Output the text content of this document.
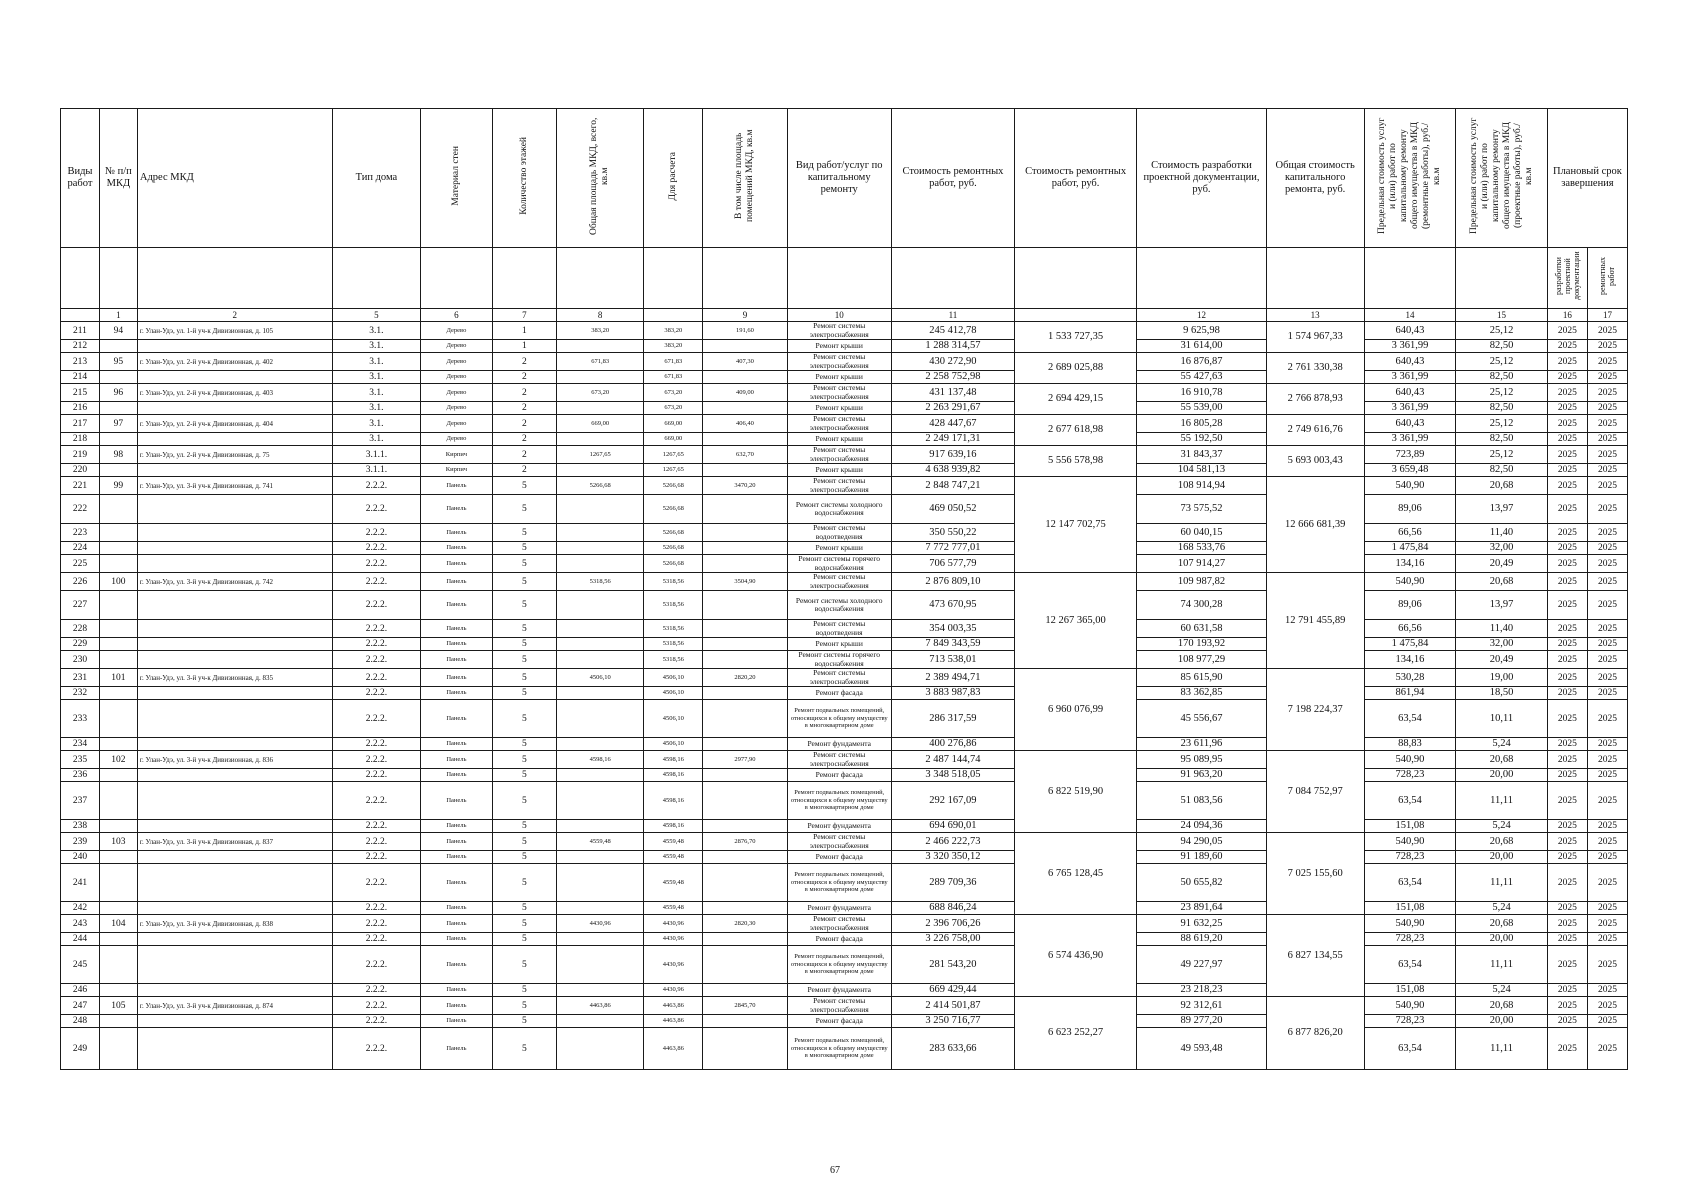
Виды работ	№ п/п МКД	Адрес МКД	Тип дома	Материал стен	Количество этажей	Общая площадь МКД, всего, кв.м	Для расчета	В том числе площадь помещений МКД, кв.м	Вид работ/услуг по капитальному ремонту	Стоимость ремонтных работ, руб.	Стоимость ремонтных работ, руб.	Стоимость разработки проектной документации, руб.	Общая стоимость капитального ремонта, руб.	Предельная стоимость услуг и (или) работ по капитальному ремонту общего имущества в МКД (ремонтные работы), руб./кв.м	Предельная стоимость услуг и (или) работ по капитальному ремонту общего имущества в МКД (проектные работы), руб./кв.м	Плановый срок завершения	
																разработки проектной документации	ремонтных работ
	1	2	5	6	7	8		9	10	11		12	13	14	15	16	17
211	94	г. Улан-Удэ, ул. 1-й уч-к Дивизионная, д. 105	3.1.	Дерево	1	383,20	383,20	191,60	Ремонт системы электроснабжения	245 412,78	1 533 727,35	9 625,98	1 574 967,33	640,43	25,12	2025	2025
212			3.1.	Дерево	1		383,20		Ремонт крыши	1 288 314,57		31 614,00		3 361,99	82,50	2025	2025
213	95	г. Улан-Удэ, ул. 2-й уч-к Дивизионная, д. 402	3.1.	Дерево	2	671,83	671,83	407,30	Ремонт системы электроснабжения	430 272,90	2 689 025,88	16 876,87	2 761 330,38	640,43	25,12	2025	2025
214			3.1.	Дерево	2		671,83		Ремонт крыши	2 258 752,98		55 427,63		3 361,99	82,50	2025	2025
215	96	г. Улан-Удэ, ул. 2-й уч-к Дивизионная, д. 403	3.1.	Дерево	2	673,20	673,20	409,00	Ремонт системы электроснабжения	431 137,48	2 694 429,15	16 910,78	2 766 878,93	640,43	25,12	2025	2025
216			3.1.	Дерево	2		673,20		Ремонт крыши	2 263 291,67		55 539,00		3 361,99	82,50	2025	2025
217	97	г. Улан-Удэ, ул. 2-й уч-к Дивизионная, д. 404	3.1.	Дерево	2	669,00	669,00	406,40	Ремонт системы электроснабжения	428 447,67	2 677 618,98	16 805,28	2 749 616,76	640,43	25,12	2025	2025
218			3.1.	Дерево	2		669,00		Ремонт крыши	2 249 171,31		55 192,50		3 361,99	82,50	2025	2025
219	98	г. Улан-Удэ, ул. 2-й уч-к Дивизионная, д. 75	3.1.1.	Кирпич	2	1267,65	1267,65	632,70	Ремонт системы электроснабжения	917 639,16	5 556 578,98	31 843,37	5 693 003,43	723,89	25,12	2025	2025
220			3.1.1.	Кирпич	2		1267,65		Ремонт крыши	4 638 939,82		104 581,13		3 659,48	82,50	2025	2025
221	99	г. Улан-Удэ, ул. 3-й уч-к Дивизионная, д. 741	2.2.2.	Панель	5	5266,68	5266,68	3470,20	Ремонт системы электроснабжения	2 848 747,21	12 147 702,75	108 914,94	12 666 681,39	540,90	20,68	2025	2025
222			2.2.2.	Панель	5		5266,68		Ремонт системы холодного водоснабжения	469 050,52		73 575,52		89,06	13,97	2025	2025
223			2.2.2.	Панель	5		5266,68		Ремонт системы водоотведения	350 550,22		60 040,15		66,56	11,40	2025	2025
224			2.2.2.	Панель	5		5266,68		Ремонт крыши	7 772 777,01		168 533,76		1 475,84	32,00	2025	2025
225			2.2.2.	Панель	5		5266,68		Ремонт системы горячего водоснабжения	706 577,79		107 914,27		134,16	20,49	2025	2025
226	100	г. Улан-Удэ, ул. 3-й уч-к Дивизионная, д. 742	2.2.2.	Панель	5	5318,56	5318,56	3504,90	Ремонт системы электроснабжения	2 876 809,10	12 267 365,00	109 987,82	12 791 455,89	540,90	20,68	2025	2025
227			2.2.2.	Панель	5		5318,56		Ремонт системы холодного водоснабжения	473 670,95		74 300,28		89,06	13,97	2025	2025
228			2.2.2.	Панель	5		5318,56		Ремонт системы водоотведения	354 003,35		60 631,58		66,56	11,40	2025	2025
229			2.2.2.	Панель	5		5318,56		Ремонт крыши	7 849 343,59		170 193,92		1 475,84	32,00	2025	2025
230			2.2.2.	Панель	5		5318,56		Ремонт системы горячего водоснабжения	713 538,01		108 977,29		134,16	20,49	2025	2025
231	101	г. Улан-Удэ, ул. 3-й уч-к Дивизионная, д. 835	2.2.2.	Панель	5	4506,10	4506,10	2820,20	Ремонт системы электроснабжения	2 389 494,71	6 960 076,99	85 615,90	7 198 224,37	530,28	19,00	2025	2025
232			2.2.2.	Панель	5		4506,10		Ремонт фасада	3 883 987,83		83 362,85		861,94	18,50	2025	2025
233			2.2.2.	Панель	5		4506,10		Ремонт подвальных помещений, относящихся к общему имуществу в многоквартирном доме	286 317,59		45 556,67		63,54	10,11	2025	2025
234			2.2.2.	Панель	5		4506,10		Ремонт фундамента	400 276,86		23 611,96		88,83	5,24	2025	2025
235	102	г. Улан-Удэ, ул. 3-й уч-к Дивизионная, д. 836	2.2.2.	Панель	5	4598,16	4598,16	2977,90	Ремонт системы электроснабжения	2 487 144,74	6 822 519,90	95 089,95	7 084 752,97	540,90	20,68	2025	2025
236			2.2.2.	Панель	5		4598,16		Ремонт фасада	3 348 518,05		91 963,20		728,23	20,00	2025	2025
237			2.2.2.	Панель	5		4598,16		Ремонт подвальных помещений, относящихся к общему имуществу в многоквартирном доме	292 167,09		51 083,56		63,54	11,11	2025	2025
238			2.2.2.	Панель	5		4598,16		Ремонт фундамента	694 690,01		24 094,36		151,08	5,24	2025	2025
239	103	г. Улан-Удэ, ул. 3-й уч-к Дивизионная, д. 837	2.2.2.	Панель	5	4559,48	4559,48	2876,70	Ремонт системы электроснабжения	2 466 222,73	6 765 128,45	94 290,05	7 025 155,60	540,90	20,68	2025	2025
240			2.2.2.	Панель	5		4559,48		Ремонт фасада	3 320 350,12		91 189,60		728,23	20,00	2025	2025
241			2.2.2.	Панель	5		4559,48		Ремонт подвальных помещений, относящихся к общему имуществу в многоквартирном доме	289 709,36		50 655,82		63,54	11,11	2025	2025
242			2.2.2.	Панель	5		4559,48		Ремонт фундамента	688 846,24		23 891,64		151,08	5,24	2025	2025
243	104	г. Улан-Удэ, ул. 3-й уч-к Дивизионная, д. 838	2.2.2.	Панель	5	4430,96	4430,96	2820,30	Ремонт системы электроснабжения	2 396 706,26	6 574 436,90	91 632,25	6 827 134,55	540,90	20,68	2025	2025
244			2.2.2.	Панель	5		4430,96		Ремонт фасада	3 226 758,00		88 619,20		728,23	20,00	2025	2025
245			2.2.2.	Панель	5		4430,96		Ремонт подвальных помещений, относящихся к общему имуществу в многоквартирном доме	281 543,20		49 227,97		63,54	11,11	2025	2025
246			2.2.2.	Панель	5		4430,96		Ремонт фундамента	669 429,44		23 218,23		151,08	5,24	2025	2025
247	105	г. Улан-Удэ, ул. 3-й уч-к Дивизионная, д. 874	2.2.2.	Панель	5	4463,86	4463,86	2845,70	Ремонт системы электроснабжения	2 414 501,87	6 623 252,27	92 312,61	6 877 826,20	540,90	20,68	2025	2025
248			2.2.2.	Панель	5		4463,86		Ремонт фасада	3 250 716,77		89 277,20		728,23	20,00	2025	2025
249			2.2.2.	Панель	5		4463,86		Ремонт подвальных помещений, относящихся к общему имуществу в многоквартирном доме	283 633,66		49 593,48		63,54	11,11	2025	2025
67
